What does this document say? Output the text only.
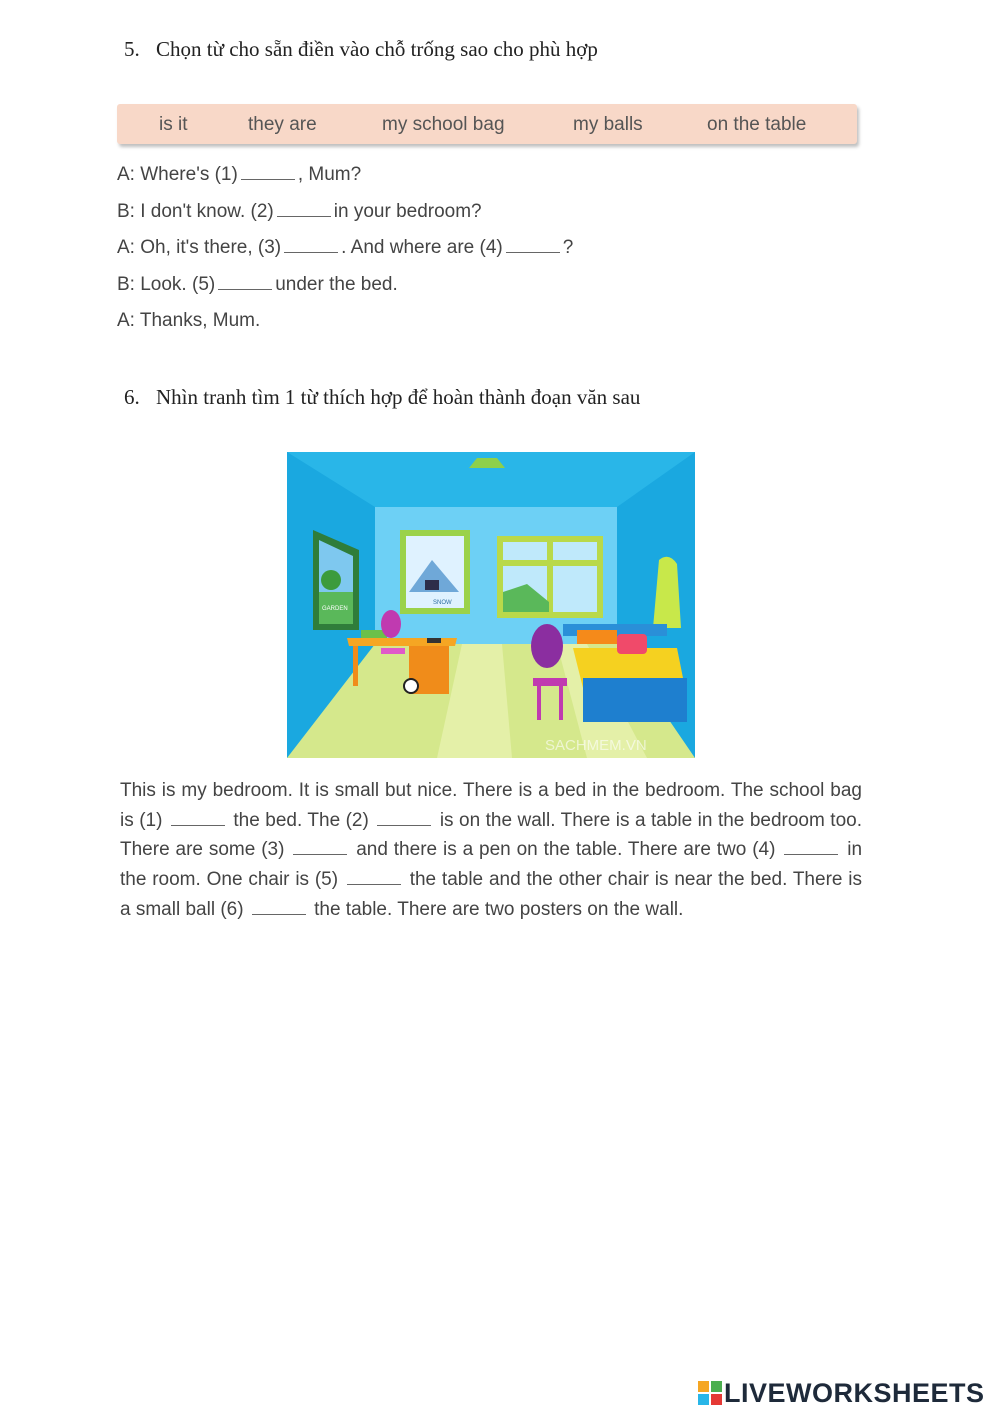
5. Chọn từ cho sẵn điền vào chỗ trống sao cho phù hợp
is it	they are	my school bag	my balls	on the table
A: Where's (1)	, Mum?
B: I don't know. (2)	in your bedroom?
A: Oh, it's there, (3)	. And where are (4)	?
B: Look. (5)	under the bed.
A: Thanks, Mum.
6. Nhìn tranh tìm 1 từ thích hợp để hoàn thành đoạn văn sau
GARDEN
SNOW
SACHMEM.VN
This is my bedroom. It is small but nice. There is a bed in the bedroom. The school bag is (1)	the bed. The (2)	is on the wall. There is a table in the bedroom too. There are some (3)	and there is a pen on the table. There are two (4)	in the room. One chair is (5)	the table and the other chair is near the bed. There is a small ball (6)	the table. There are two posters on the wall.
LIVEWORKSHEETS
